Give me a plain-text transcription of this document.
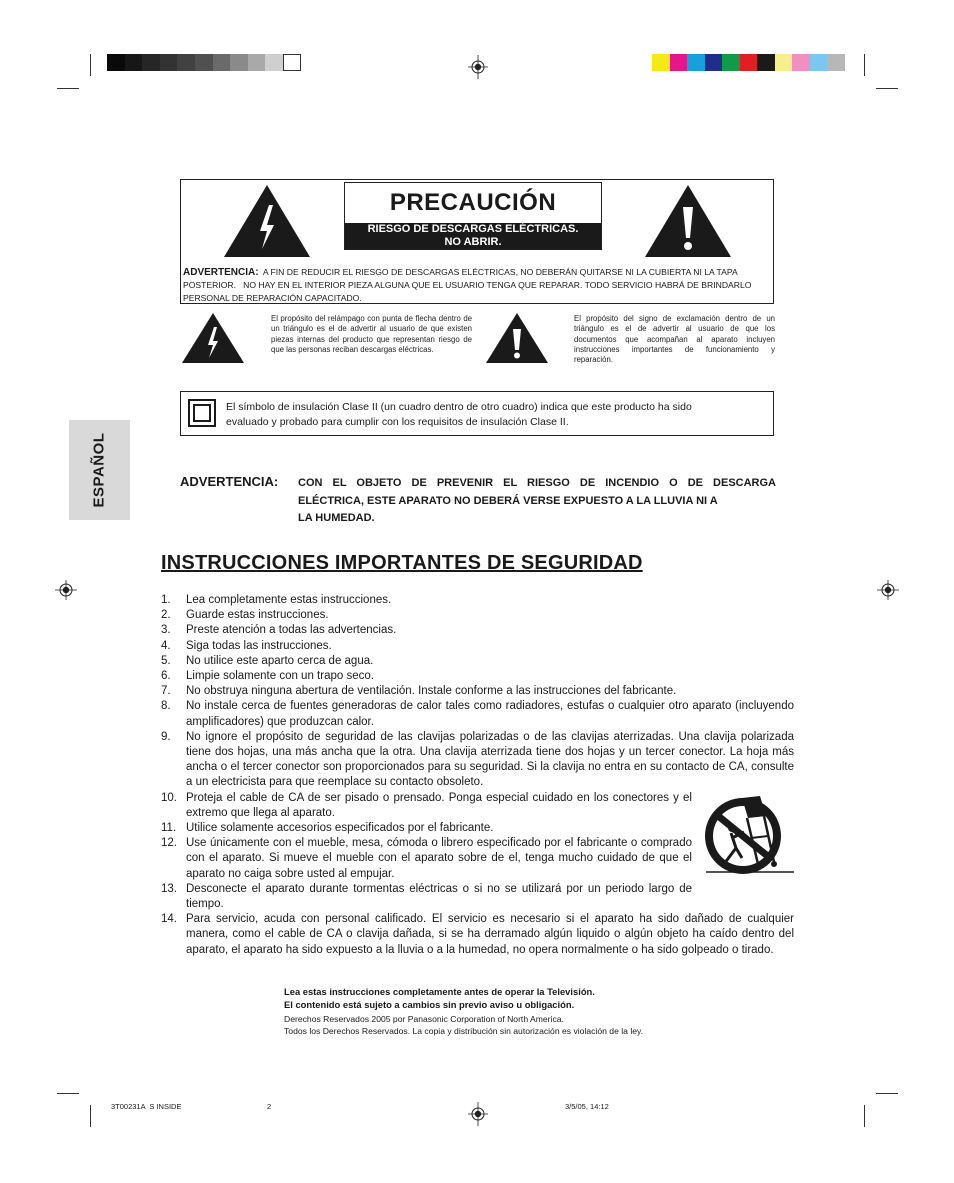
PRECAUCIÓN
RIESGO DE DESCARGAS ELÉCTRICAS.
NO ABRIR.
ADVERTENCIA: A FIN DE REDUCIR EL RIESGO DE DESCARGAS ELÉCTRICAS, NO DEBERÁN QUITARSE NI LA CUBIERTA NI LA TAPA
POSTERIOR.   NO HAY EN EL INTERIOR PIEZA ALGUNA QUE EL USUARIO TENGA QUE REPARAR. TODO SERVICIO HABRÁ DE BRINDARLO
PERSONAL DE REPARACIÓN CAPACITADO.
El propósito del relámpago con punta de flecha dentro de un triángulo es el de advertir al usuario de que existen piezas internas del producto que representan riesgo de que las personas reciban descargas eléctricas.
El propósito del signo de exclamación dentro de un triángulo es el de advertir al usuario de que los documentos que acompañan al aparato incluyen instrucciones importantes de funcionamiento y reparación.
El símbolo de insulación Clase II (un cuadro dentro de otro cuadro) indica que este producto ha sido
evaluado y probado para cumplir con los requisitos de insulación Clase II.
ESPAÑOL	ADVERTENCIA: CON EL OBJETO DE PREVENIR EL RIESGO DE INCENDIO O DE DESCARGA
ELÉCTRICA, ESTE APARATO NO DEBERÁ VERSE EXPUESTO A LA LLUVIA NI A
LA HUMEDAD.
INSTRUCCIONES IMPORTANTES DE SEGURIDAD
1. Lea completamente estas instrucciones.
2. Guarde estas instrucciones.
3. Preste atención a todas las advertencias.
4. Siga todas las instrucciones.
5. No utilice este aparto cerca de agua.
6. Limpie solamente con un trapo seco.
7. No obstruya ninguna abertura de ventilación. Instale conforme a las instrucciones del fabricante.
8. No instale cerca de fuentes generadoras de calor tales como radiadores, estufas o cualquier otro aparato (incluyendo amplificadores) que produzcan calor.
9. No ignore el propósito de seguridad de las clavijas polarizadas o de las clavijas aterrizadas. Una clavija polarizada tiene dos hojas, una más ancha que la otra. Una clavija aterrizada tiene dos hojas y un tercer conector. La hoja más ancha o el tercer conector son proporcionados para su seguridad. Si la clavija no entra en su contacto de CA, consulte a un electricista para que reemplace su contacto obsoleto.
10. Proteja el cable de CA de ser pisado o prensado. Ponga especial cuidado en los conectores y el extremo que llega al aparato.
11. Utilice solamente accesorios especificados por el fabricante.
12. Use únicamente con el mueble, mesa, cómoda o librero especificado por el fabricante o comprado con el aparato. Si mueve el mueble con el aparato sobre de el, tenga mucho cuidado de que el aparato no caiga sobre usted al empujar.
13. Desconecte el aparato durante tormentas eléctricas o si no se utilizará por un periodo largo de tiempo.
14. Para servicio, acuda con personal calificado. El servicio es necesario si el aparato ha sido dañado de cualquier manera, como el cable de CA o clavija dañada, si se ha derramado algún liquido o algún objeto ha caído dentro del aparato, el aparato ha sido expuesto a la lluvia o a la humedad, no opera normalmente o ha sido golpeado o tirado.
Lea estas instrucciones completamente antes de operar la Televisión.
El contenido está sujeto a cambios sin previo aviso u obligación.
Derechos Reservados 2005 por Panasonic Corporation of North America.
Todos los Derechos Reservados. La copia y distribución sin autorización es violación de la ley.
3T00231A  S INSIDE	2	3/5/05, 14:12
